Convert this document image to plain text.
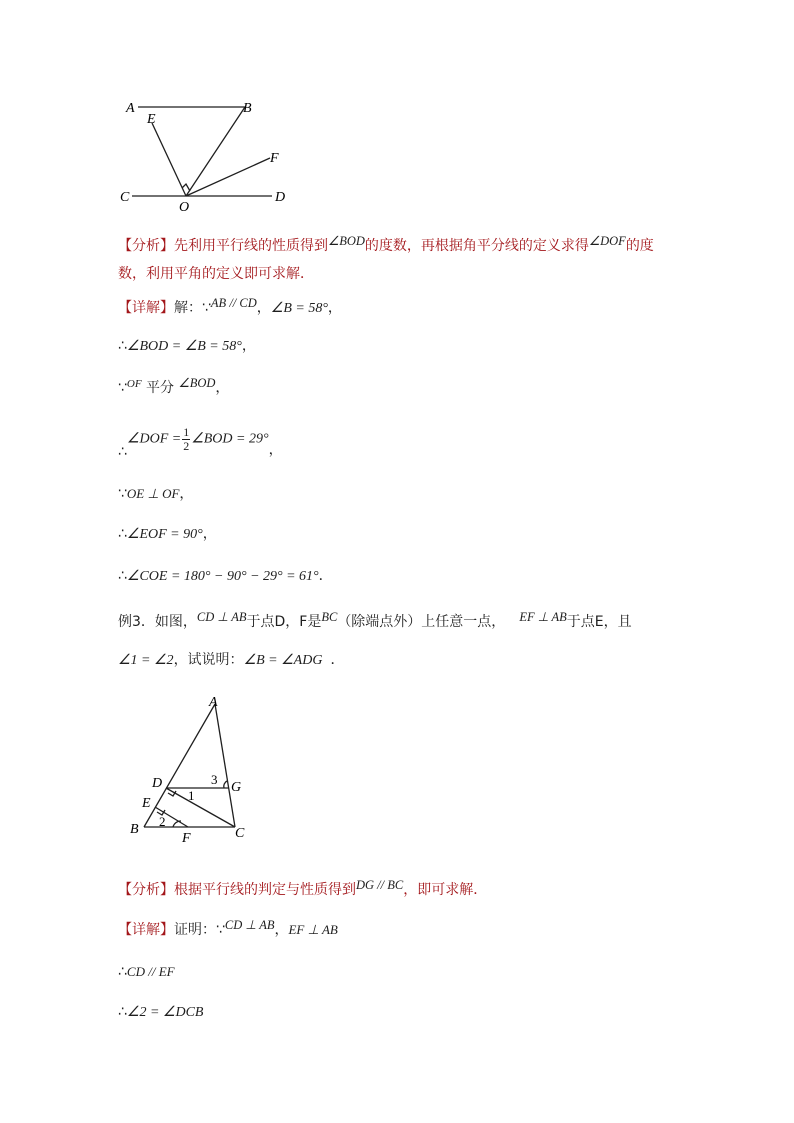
A	B
E
F
C
O
D
【分析】先利用平行线的性质得到∠BOD的度数，再根据角平分线的定义求得∠DOF的度
数，利用平角的定义即可求解．
【详解】解：∵AB // CD，∠B = 58°，
∴∠BOD = ∠B = 58°，
∵$^{OF}$ 平分 ∠BOD，
∴∠DOF = $\frac{1}{2}$ ∠BOD = 29°，
∵OE ⊥ OF，
∴∠EOF = 90°，
∴∠COE = 180° − 90° − 29° = 61°．
例3．如图，CD ⊥ AB于点D，F是BC（除端点外）上任意一点， EF ⊥ AB于点E，且
∠1 = ∠2，试说明：∠B = ∠ADG ．
A
D	G
E
B
F	C
1
2
3
【分析】根据平行线的判定与性质得到DG // BC，即可求解．
【详解】证明：∵CD ⊥ AB，EF ⊥ AB
∴CD // EF
∴∠2 = ∠DCB
